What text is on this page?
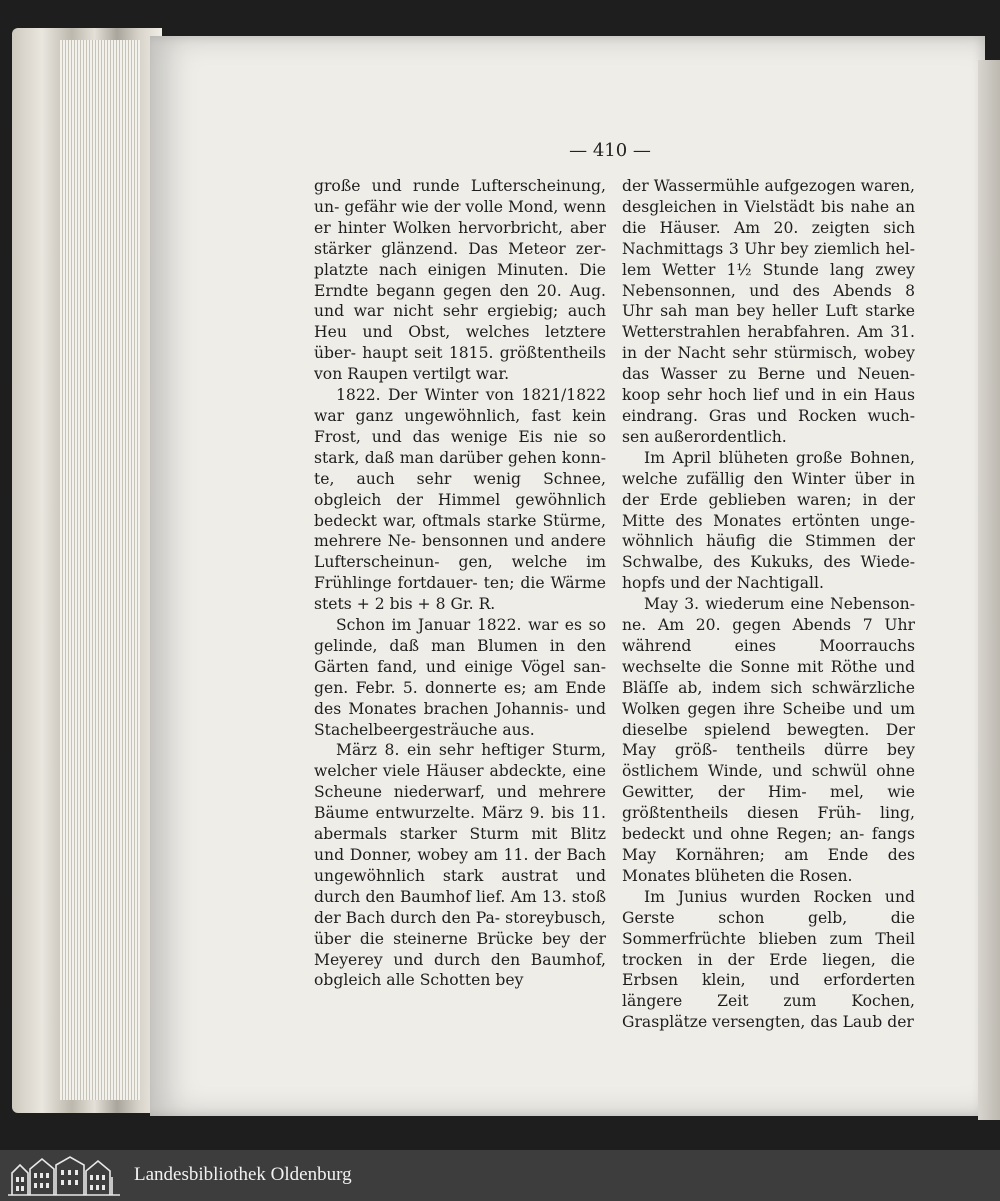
— 410 —

große und runde Lufterscheinung, un- gefähr wie der volle Mond, wenn er hinter Wolken hervorbricht, aber stärker glänzend. Das Meteor zer- platzte nach einigen Minuten. Die Erndte begann gegen den 20. Aug. und war nicht sehr ergiebig; auch Heu und Obst, welches letztere über- haupt seit 1815. größtentheils von Raupen vertilgt war.

1822. Der Winter von 1821/1822 war ganz ungewöhnlich, fast kein Frost, und das wenige Eis nie so stark, daß man darüber gehen konn- te, auch sehr wenig Schnee, obgleich der Himmel gewöhnlich bedeckt war, oftmals starke Stürme, mehrere Ne- bensonnen und andere Lufterscheinun- gen, welche im Frühlinge fortdauer- ten; die Wärme stets + 2 bis + 8 Gr. R.

Schon im Januar 1822. war es so gelinde, daß man Blumen in den Gärten fand, und einige Vögel san- gen. Febr. 5. donnerte es; am Ende des Monates brachen Johannis- und Stachelbeergesträuche aus.

März 8. ein sehr heftiger Sturm, welcher viele Häuser abdeckte, eine Scheune niederwarf, und mehrere Bäume entwurzelte. März 9. bis 11. abermals starker Sturm mit Blitz und Donner, wobey am 11. der Bach ungewöhnlich stark austrat und durch den Baumhof lief. Am 13. stoß der Bach durch den Pa- storeybusch, über die steinerne Brücke bey der Meyerey und durch den Baumhof, obgleich alle Schotten bey

der Wassermühle aufgezogen waren, desgleichen in Vielstädt bis nahe an die Häuser. Am 20. zeigten sich Nachmittags 3 Uhr bey ziemlich hel- lem Wetter 1½ Stunde lang zwey Nebensonnen, und des Abends 8 Uhr sah man bey heller Luft starke Wetterstrahlen herabfahren. Am 31. in der Nacht sehr stürmisch, wobey das Wasser zu Berne und Neuen- koop sehr hoch lief und in ein Haus eindrang. Gras und Rocken wuch- sen außerordentlich.

Im April blüheten große Bohnen, welche zufällig den Winter über in der Erde geblieben waren; in der Mitte des Monates ertönten unge- wöhnlich häufig die Stimmen der Schwalbe, des Kukuks, des Wiede- hopfs und der Nachtigall.

May 3. wiederum eine Nebenson- ne. Am 20. gegen Abends 7 Uhr während eines Moorrauchs wechselte die Sonne mit Röthe und Bläſſe ab, indem sich schwärzliche Wolken gegen ihre Scheibe und um dieselbe spielend bewegten. Der May größ- tentheils dürre bey östlichem Winde, und schwül ohne Gewitter, der Him- mel, wie größtentheils diesen Früh- ling, bedeckt und ohne Regen; an- fangs May Kornähren; am Ende des Monates blüheten die Rosen.

Im Junius wurden Rocken und Gerste schon gelb, die Sommerfrüchte blieben zum Theil trocken in der Erde liegen, die Erbsen klein, und erforderten längere Zeit zum Kochen, Grasplätze versengten, das Laub der

Landesbibliothek Oldenburg
